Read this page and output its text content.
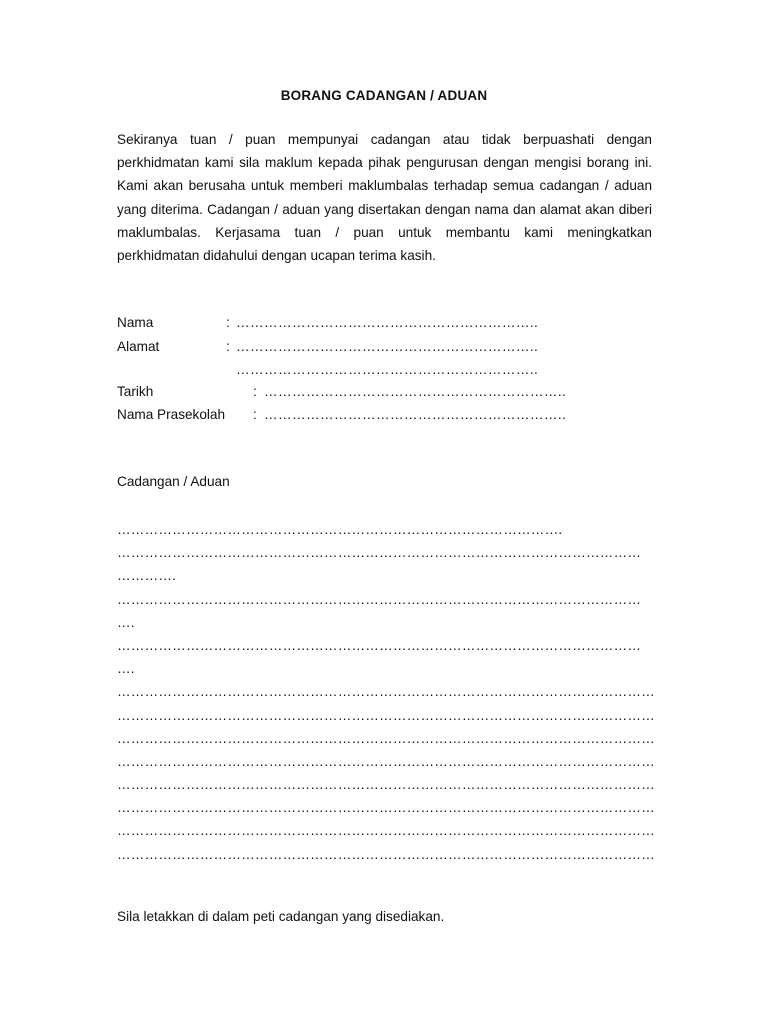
BORANG CADANGAN / ADUAN

Sekiranya tuan / puan mempunyai cadangan atau tidak berpuashati dengan perkhidmatan kami sila maklum kepada pihak pengurusan dengan mengisi borang ini. Kami akan berusaha untuk memberi maklumbalas terhadap semua cadangan / aduan yang diterima. Cadangan / aduan yang disertakan dengan nama dan alamat akan diberi maklumbalas. Kerjasama tuan / puan untuk membantu kami meningkatkan perkhidmatan didahului dengan ucapan terima kasih.

Nama	: ………………………………………………………..
Alamat	: ………………………………………………………..
………………………………………………………..
Tarikh	: ………………………………………………………..
Nama Prasekolah : ………………………………………………………..
Cadangan / Aduan
…………………………………………………………………………………….
……………………………………………………………………………………………………
………….
……………………………………………………………………………………………………
….
……………………………………………………………………………………………………
….
………………………………………………………………………………………………………
………………………………………………………………………………………………………
………………………………………………………………………………………………………
………………………………………………………………………………………………………
………………………………………………………………………………………………………
………………………………………………………………………………………………………
………………………………………………………………………………………………………
………………………………………………………………………………………………………
Sila letakkan di dalam peti cadangan yang disediakan.
